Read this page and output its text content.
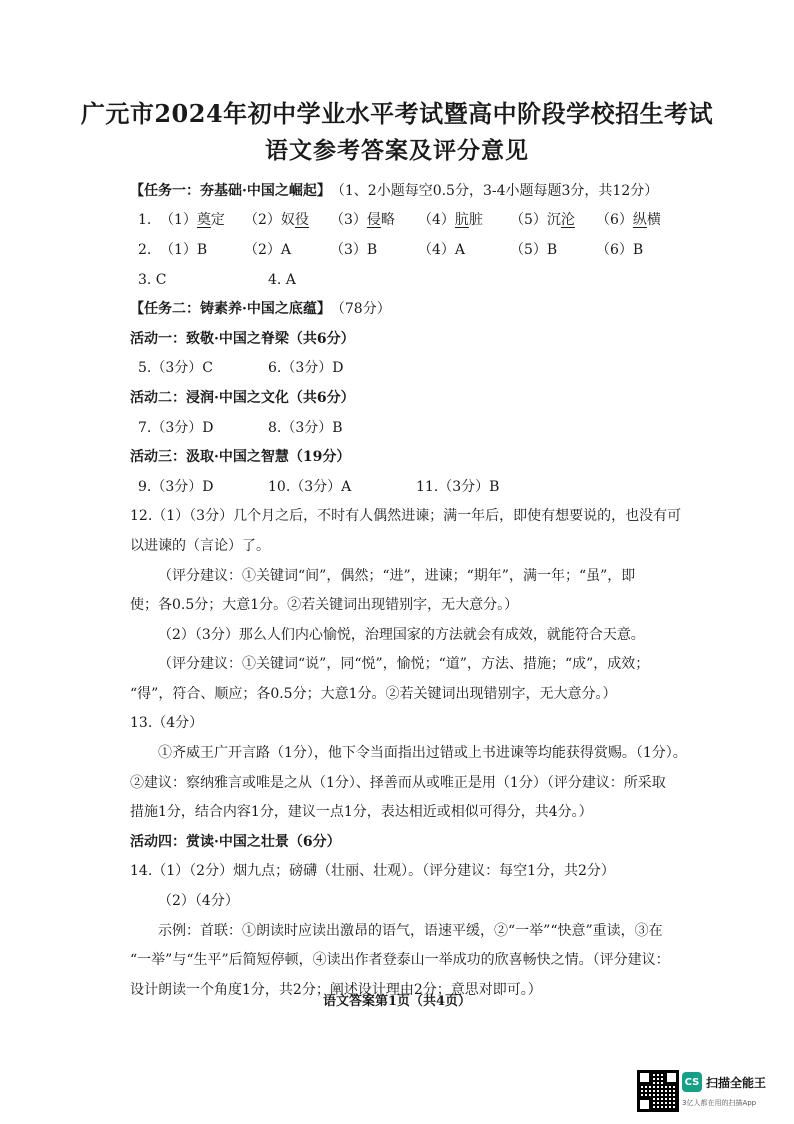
广元市2024年初中学业水平考试暨高中阶段学校招生考试
语文参考答案及评分意见
【任务一：夯基础·中国之崛起】 （1、2小题每空0.5分，3-4小题每题3分，共12分）
1. （1）奠定	（2）奴役	（3）侵略	（4）肮脏	（5）沉沦	（6）纵横
2. （1）B	（2）A	（3）B	（4）A	（5）B	（6）B
3. C	4. A
【任务二：铸素养·中国之底蕴】 （78分）
活动一：致敬·中国之脊梁（共6分）
5.（3分）C	6.（3分）D
活动二：浸润·中国之文化（共6分）
7.（3分）D	8.（3分）B
活动三：汲取·中国之智慧（19分）
9.（3分）D	10.（3分）A	11.（3分）B
12.（1）（3分）几个月之后，不时有人偶然进谏；满一年后，即使有想要说的，也没有可
以进谏的（言论）了。
（评分建议：①关键词“间”，偶然；“进”，进谏；“期年”，满一年；“虽”，即
使；各0.5分；大意1分。②若关键词出现错别字，无大意分。）
（2）（3分）那么人们内心愉悦，治理国家的方法就会有成效，就能符合天意。
（评分建议：①关键词“说”，同“悦”，愉悦；“道”，方法、措施；“成”，成效；
“得”，符合、顺应；各0.5分；大意1分。②若关键词出现错别字，无大意分。）
13.（4分）
①齐威王广开言路（1分），他下令当面指出过错或上书进谏等均能获得赏赐。（1分）。
②建议：察纳雅言或唯是之从（1分）、择善而从或唯正是用（1分）（评分建议：所采取
措施1分，结合内容1分，建议一点1分，表达相近或相似可得分，共4分。）
活动四：赏读·中国之壮景（6分）
14.（1）（2分）烟九点；磅礴（壮丽、壮观）。（评分建议：每空1分，共2分）
（2）（4分）
示例：首联：①朗读时应读出激昂的语气，语速平缓，②“一举”“快意”重读，③在
“一举”与“生平”后简短停顿，④读出作者登泰山一举成功的欣喜畅快之情。（评分建议：
设计朗读一个角度1分，共2分；阐述设计理由2分；意思对即可。）
语文答案第1页（共4页）
CS 扫描全能王
3亿人都在用的扫描App
